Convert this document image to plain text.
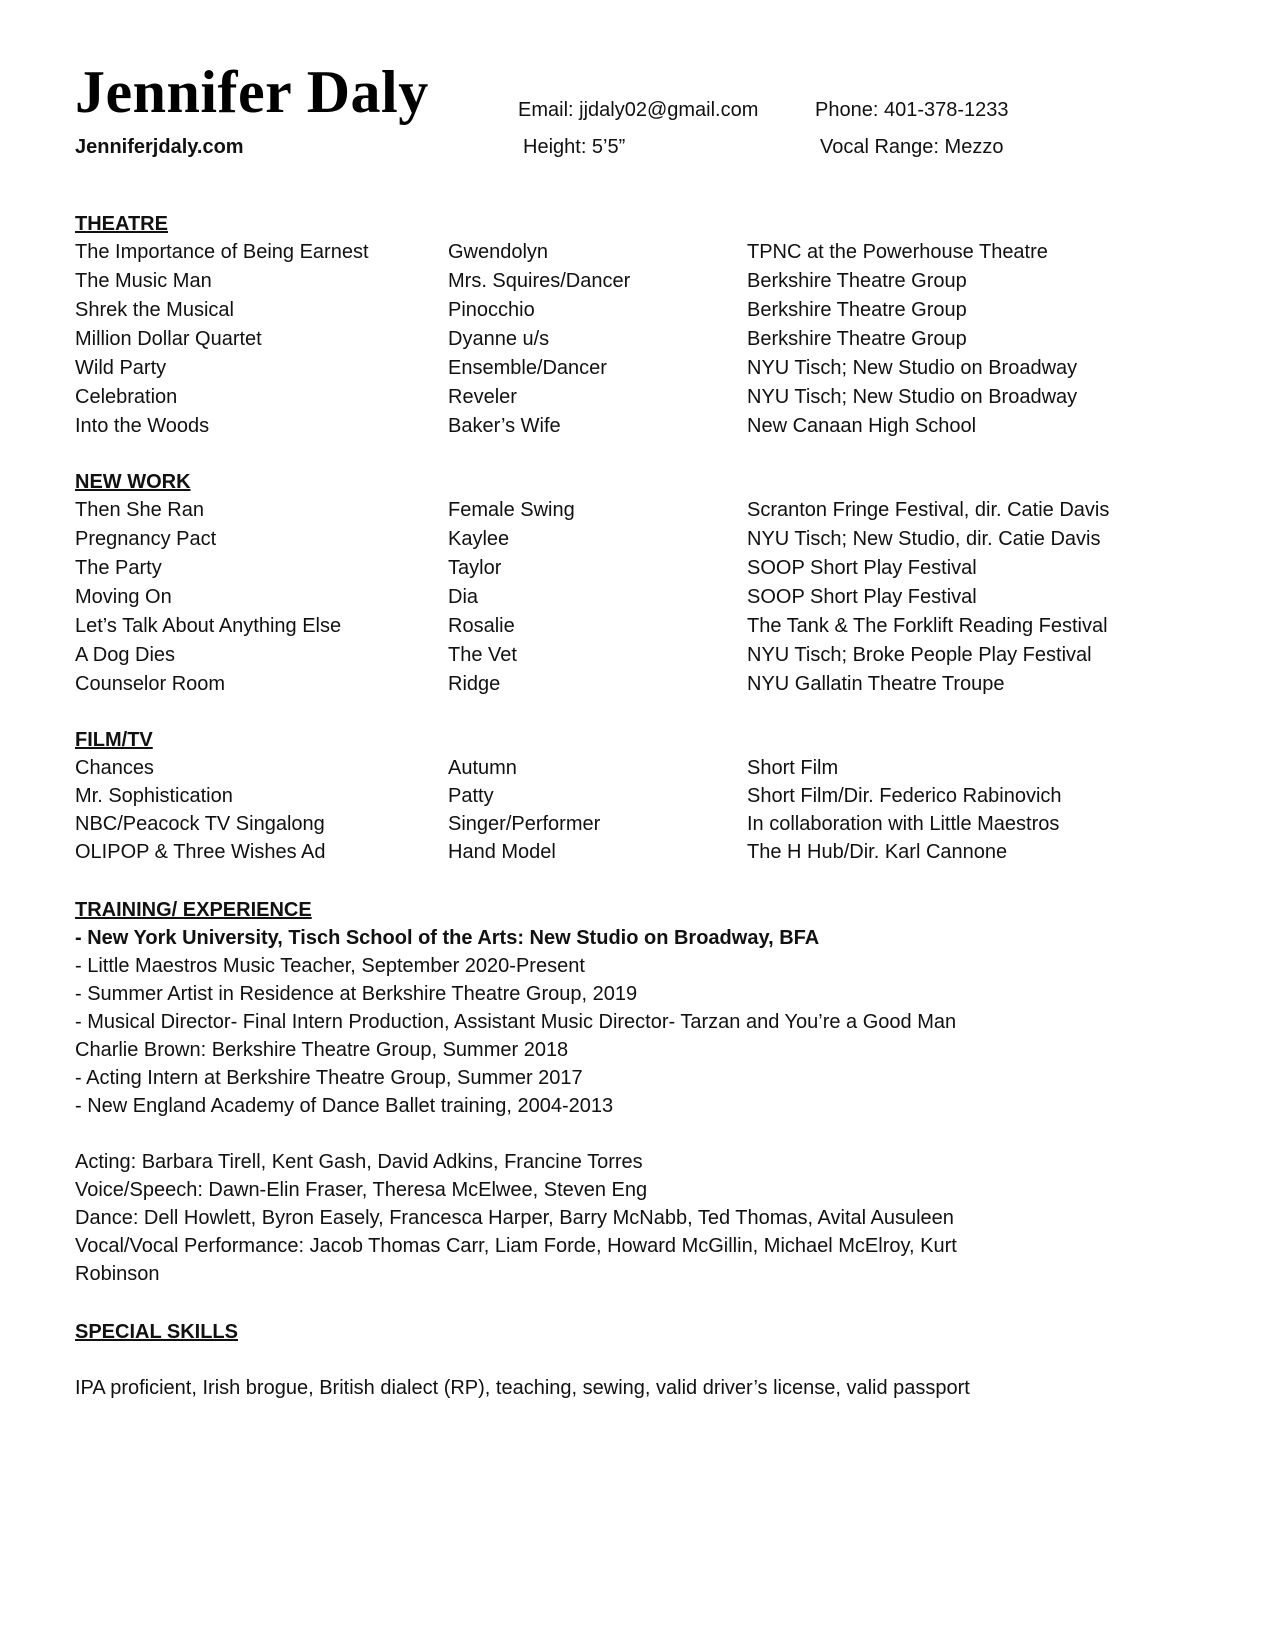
Jennifer Daly	Email: jjdaly02@gmail.com	Phone: 401-378-1233
Jenniferjdaly.com	Height: 5’5”	Vocal Range: Mezzo
THEATRE
The Importance of Being Earnest	Gwendolyn	TPNC at the Powerhouse Theatre
The Music Man	Mrs. Squires/Dancer	Berkshire Theatre Group
Shrek the Musical	Pinocchio	Berkshire Theatre Group
Million Dollar Quartet	Dyanne u/s	Berkshire Theatre Group
Wild Party	Ensemble/Dancer	NYU Tisch; New Studio on Broadway
Celebration	Reveler	NYU Tisch; New Studio on Broadway
Into the Woods	Baker’s Wife	New Canaan High School
NEW WORK
Then She Ran	Female Swing	Scranton Fringe Festival, dir. Catie Davis
Pregnancy Pact	Kaylee	NYU Tisch; New Studio, dir. Catie Davis
The Party	Taylor	SOOP Short Play Festival
Moving On	Dia	SOOP Short Play Festival
Let’s Talk About Anything Else	Rosalie	The Tank & The Forklift Reading Festival
A Dog Dies	The Vet	NYU Tisch; Broke People Play Festival
Counselor Room	Ridge	NYU Gallatin Theatre Troupe
FILM/TV
Chances	Autumn	Short Film
Mr. Sophistication	Patty	Short Film/Dir. Federico Rabinovich
NBC/Peacock TV Singalong	Singer/Performer	In collaboration with Little Maestros
OLIPOP & Three Wishes Ad	Hand Model	The H Hub/Dir. Karl Cannone
TRAINING/ EXPERIENCE
- New York University, Tisch School of the Arts: New Studio on Broadway, BFA
- Little Maestros Music Teacher, September 2020-Present
- Summer Artist in Residence at Berkshire Theatre Group, 2019
- Musical Director- Final Intern Production, Assistant Music Director- Tarzan and You’re a Good Man
Charlie Brown: Berkshire Theatre Group, Summer 2018
- Acting Intern at Berkshire Theatre Group, Summer 2017
- New England Academy of Dance Ballet training, 2004-2013
Acting: Barbara Tirell, Kent Gash, David Adkins, Francine Torres
Voice/Speech: Dawn-Elin Fraser, Theresa McElwee, Steven Eng
Dance: Dell Howlett, Byron Easely, Francesca Harper, Barry McNabb, Ted Thomas, Avital Ausuleen
Vocal/Vocal Performance: Jacob Thomas Carr, Liam Forde, Howard McGillin, Michael McElroy, Kurt
Robinson
SPECIAL SKILLS
IPA proficient, Irish brogue, British dialect (RP), teaching, sewing, valid driver’s license, valid passport
